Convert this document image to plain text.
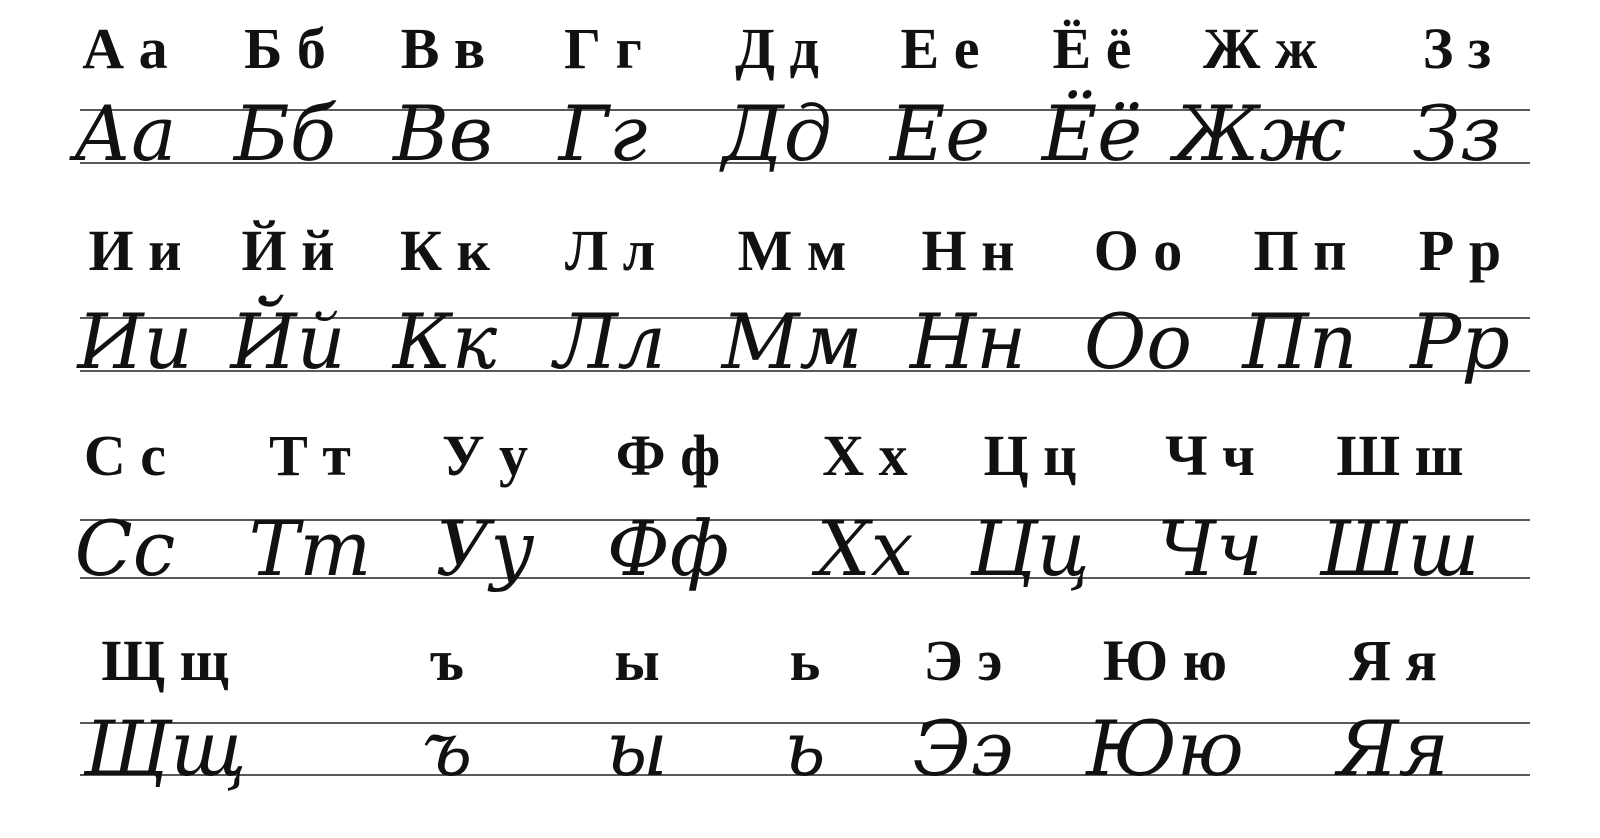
А а
Аа
Б б
Бб
В в
Вв
Г г
Гг
Д д
Дд
Е е
Ее
Ё ё
Ёё
Ж ж
Жж
З з
Зз
И и
Ии
Й й
Йй
К к
Кк
Л л
Лл
М м
Мм
Н н
Нн
О о
Оо
П п
Пп
Р р
Рр
С с
Сс
Т т
Тт
У у
Уу
Ф ф
Фф
Х х
Хх
Ц ц
Цц
Ч ч
Чч
Ш ш
Шш
Щ щ
Щщ
ъ
ъ
ы
ы
ь
ь
Э э
Ээ
Ю ю
Юю
Я я
Яя
